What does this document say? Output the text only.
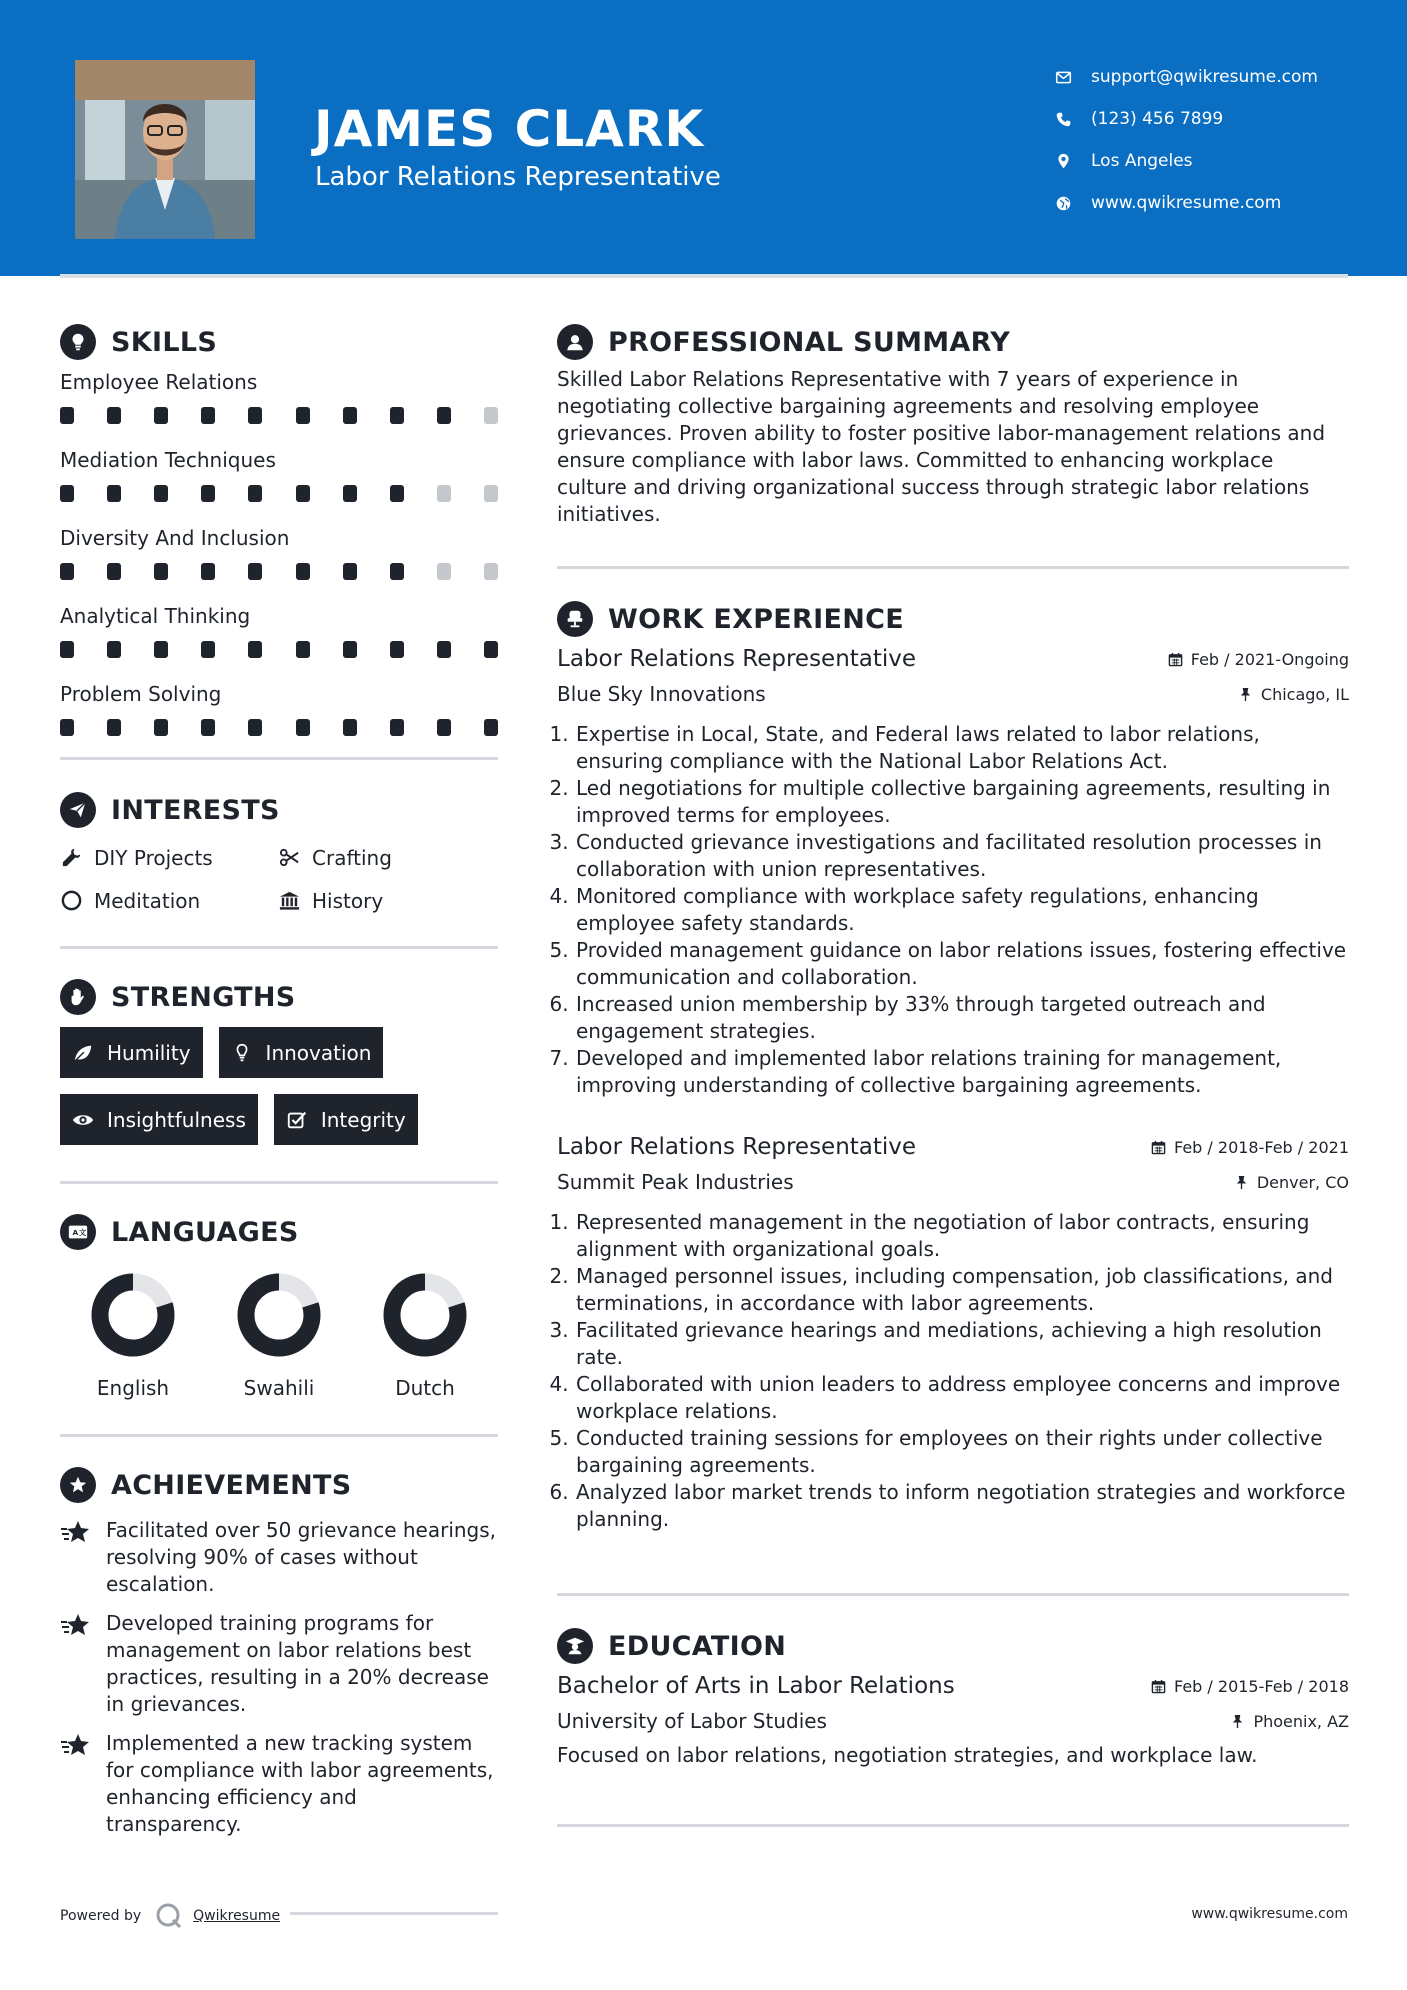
JAMES CLARK
Labor Relations Representative
support@qwikresume.com
(123) 456 7899
Los Angeles
www.qwikresume.com
SKILLS
Employee Relations
Mediation Techniques
Diversity And Inclusion
Analytical Thinking
Problem Solving
INTERESTS
DIY Projects	Crafting
Meditation	History
STRENGTHS
Humility	Innovation
Insightfulness	Integrity
A 文 LANGUAGES
English	Swahili	Dutch
ACHIEVEMENTS
Facilitated over 50 grievance hearings, resolving 90% of cases without escalation.
Developed training programs for management on labor relations best practices, resulting in a 20% decrease in grievances.
Implemented a new tracking system for compliance with labor agreements, enhancing efficiency and transparency.
PROFESSIONAL SUMMARY
Skilled Labor Relations Representative with 7 years of experience in negotiating collective bargaining agreements and resolving employee grievances. Proven ability to foster positive labor-management relations and ensure compliance with labor laws. Committed to enhancing workplace culture and driving organizational success through strategic labor relations initiatives.
WORK EXPERIENCE
Labor Relations Representative	Feb / 2021-Ongoing
Blue Sky Innovations	Chicago, IL
1. Expertise in Local, State, and Federal laws related to labor relations, ensuring compliance with the National Labor Relations Act.
2. Led negotiations for multiple collective bargaining agreements, resulting in improved terms for employees.
3. Conducted grievance investigations and facilitated resolution processes in collaboration with union representatives.
4. Monitored compliance with workplace safety regulations, enhancing employee safety standards.
5. Provided management guidance on labor relations issues, fostering effective communication and collaboration.
6. Increased union membership by 33% through targeted outreach and engagement strategies.
7. Developed and implemented labor relations training for management, improving understanding of collective bargaining agreements.
Labor Relations Representative	Feb / 2018-Feb / 2021
Summit Peak Industries	Denver, CO
1. Represented management in the negotiation of labor contracts, ensuring alignment with organizational goals.
2. Managed personnel issues, including compensation, job classifications, and terminations, in accordance with labor agreements.
3. Facilitated grievance hearings and mediations, achieving a high resolution rate.
4. Collaborated with union leaders to address employee concerns and improve workplace relations.
5. Conducted training sessions for employees on their rights under collective bargaining agreements.
6. Analyzed labor market trends to inform negotiation strategies and workforce planning.
EDUCATION
Bachelor of Arts in Labor Relations	Feb / 2015-Feb / 2018
University of Labor Studies	Phoenix, AZ
Focused on labor relations, negotiation strategies, and workplace law.
Powered by	Qwikresume	www.qwikresume.com
